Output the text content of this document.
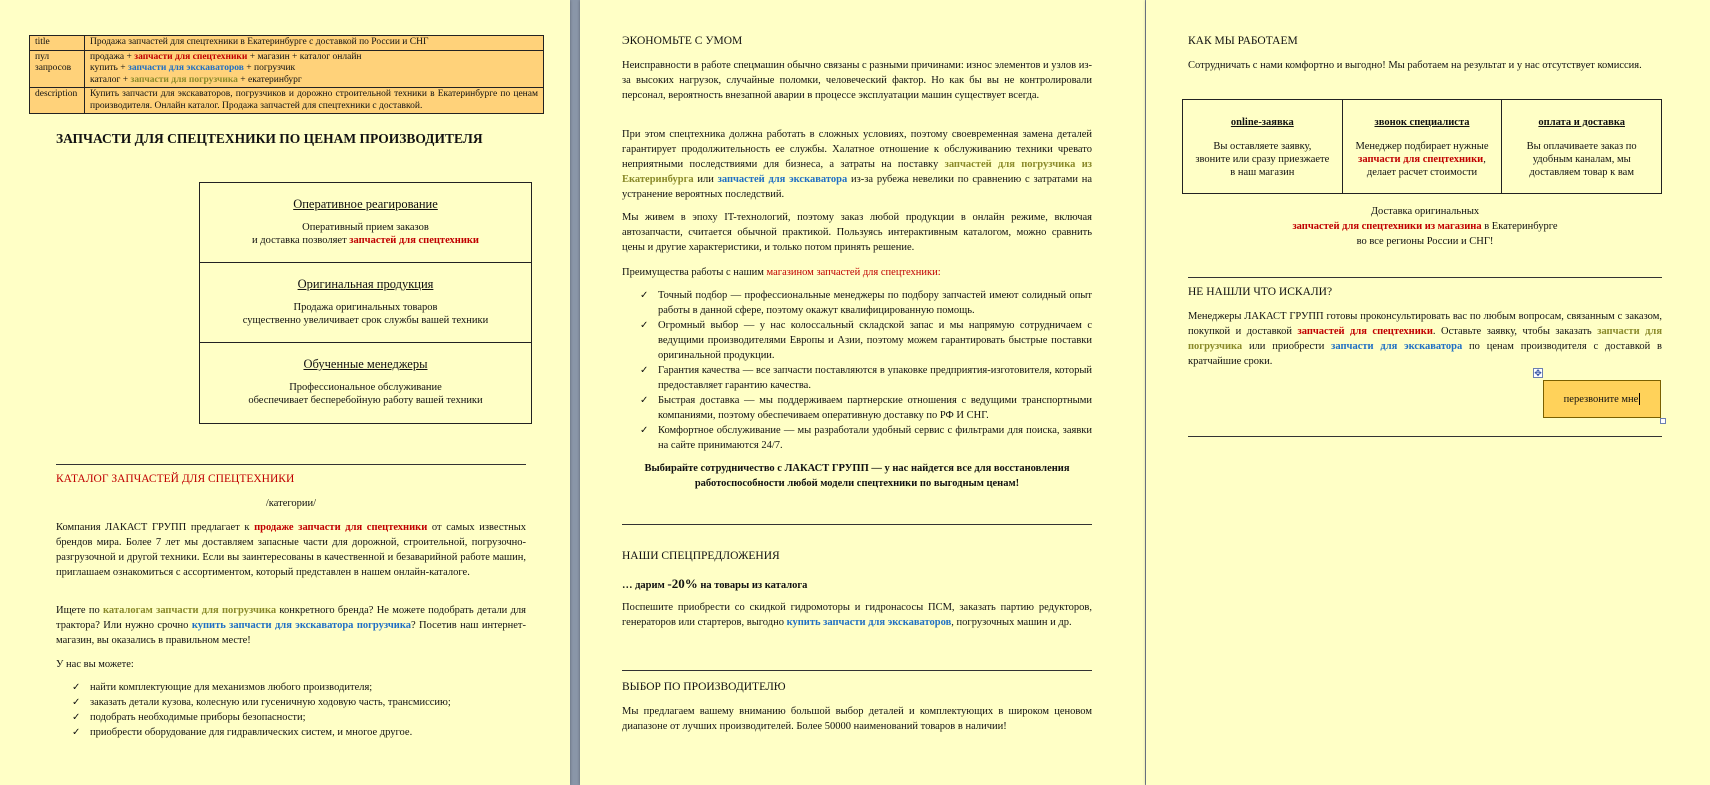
title	Продажа запчастей для спецтехники в Екатеринбурге с доставкой по России и СНГ
пул запросов	продажа + запчасти для спецтехники + магазин + каталог онлайн
купить + запчасти для экскаваторов + погрузчик
каталог + запчасти для погрузчика + екатеринбург

description	Купить запчасти для экскаваторов, погрузчиков и дорожно строительной техники в Екатеринбурге по ценам производителя. Онлайн каталог. Продажа запчастей для спецтехники с доставкой.
ЗАПЧАСТИ ДЛЯ СПЕЦТЕХНИКИ ПО ЦЕНАМ ПРОИЗВОДИТЕЛЯ
Оперативное реагирование
Оперативный прием заказов
и доставка позволяет запчастей для спецтехники
Оригинальная продукция
Продажа оригинальных товаров
существенно увеличивает срок службы вашей техники
Обученные менеджеры
Профессиональное обслуживание
обеспечивает бесперебойную работу вашей техники
КАТАЛОГ ЗАПЧАСТЕЙ ДЛЯ СПЕЦТЕХНИКИ
/категории/
Компания ЛАКАСТ ГРУПП предлагает к продаже запчасти для спецтехники от самых известных брендов мира. Более 7 лет мы доставляем запасные части для дорожной, строительной, погрузочно-разгрузочной и другой техники. Если вы заинтересованы в качественной и безаварийной работе машин, приглашаем ознакомиться с ассортиментом, который представлен в нашем онлайн-каталоге.
Ищете по каталогам запчасти для погрузчика конкретного бренда? Не можете подобрать детали для трактора? Или нужно срочно купить запчасти для экскаватора погрузчика? Посетив наш интернет-магазин, вы оказались в правильном месте!
У нас вы можете:
✓ найти комплектующие для механизмов любого производителя;
✓ заказать детали кузова, колесную или гусеничную ходовую часть, трансмиссию;
✓ подобрать необходимые приборы безопасности;
✓ приобрести оборудование для гидравлических систем, и многое другое.
ЭКОНОМЬТЕ С УМОМ
Неисправности в работе спецмашин обычно связаны с разными причинами: износ элементов и узлов из-за высоких нагрузок, случайные поломки, человеческий фактор. Но как бы вы не контролировали персонал, вероятность внезапной аварии в процессе эксплуатации машин существует всегда.
При этом спецтехника должна работать в сложных условиях, поэтому своевременная замена деталей гарантирует продолжительность ее службы. Халатное отношение к обслуживанию техники чревато неприятными последствиями для бизнеса, а затраты на поставку запчастей для погрузчика из Екатеринбурга или запчастей для экскаватора из-за рубежа невелики по сравнению с затратами на устранение вероятных последствий.
Мы живем в эпоху IT-технологий, поэтому заказ любой продукции в онлайн режиме, включая автозапчасти, считается обычной практикой. Пользуясь интерактивным каталогом, можно сравнить цены и другие характеристики, и только потом принять решение.
Преимущества работы с нашим магазином запчастей для спецтехники:
✓ Точный подбор — профессиональные менеджеры по подбору запчастей имеют солидный опыт работы в данной сфере, поэтому окажут квалифицированную помощь.
✓ Огромный выбор — у нас колоссальный складской запас и мы напрямую сотрудничаем с ведущими производителями Европы и Азии, поэтому можем гарантировать быстрые поставки оригинальной продукции.
✓ Гарантия качества — все запчасти поставляются в упаковке предприятия-изготовителя, который предоставляет гарантию качества.
✓ Быстрая доставка — мы поддерживаем партнерские отношения с ведущими транспортными компаниями, поэтому обеспечиваем оперативную доставку по РФ И СНГ.
✓ Комфортное обслуживание — мы разработали удобный сервис с фильтрами для поиска, заявки на сайте принимаются 24/7.
Выбирайте сотрудничество с ЛАКАСТ ГРУПП — у нас найдется все для восстановления работоспособности любой модели спецтехники по выгодным ценам!
НАШИ СПЕЦПРЕДЛОЖЕНИЯ
… дарим -20% на товары из каталога
Поспешите приобрести со скидкой гидромоторы и гидронасосы ПСМ, заказать партию редукторов, генераторов или стартеров, выгодно купить запчасти для экскаваторов, погрузочных машин и др.
ВЫБОР ПО ПРОИЗВОДИТЕЛЮ
Мы предлагаем вашему вниманию большой выбор деталей и комплектующих в широком ценовом диапазоне от лучших производителей. Более 50000 наименований товаров в наличии!
КАК МЫ РАБОТАЕМ
Сотрудничать с нами комфортно и выгодно! Мы работаем на результат и у нас отсутствует комиссия.
online-заявка
Вы оставляете заявку,
звоните или сразу приезжаете
в наш магазин
звонок специалиста
Менеджер подбирает нужные
запчасти для спецтехники,
делает расчет стоимости
оплата и доставка
Вы оплачиваете заказ по
удобным каналам, мы
доставляем товар к вам
Доставка оригинальных
запчастей для спецтехники из магазина в Екатеринбурге
во все регионы России и СНГ!
НЕ НАШЛИ ЧТО ИСКАЛИ?
Менеджеры ЛАКАСТ ГРУПП готовы проконсультировать вас по любым вопросам, связанным с заказом, покупкой и доставкой запчастей для спецтехники. Оставьте заявку, чтобы заказать запчасти для погрузчика или приобрести запчасти для экскаватора по ценам производителя с доставкой в кратчайшие сроки.
✥
перезвоните мне
